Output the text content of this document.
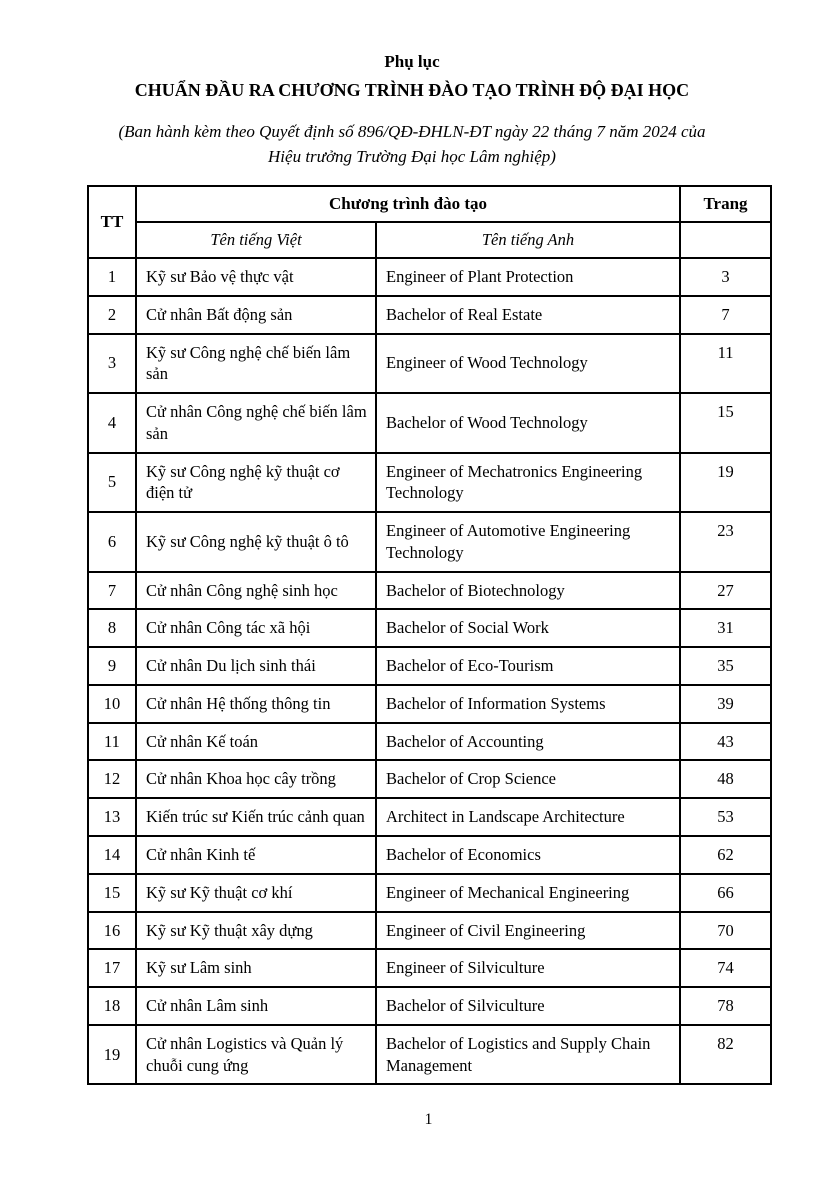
Phụ lục
CHUẨN ĐẦU RA CHƯƠNG TRÌNH ĐÀO TẠO TRÌNH ĐỘ ĐẠI HỌC
(Ban hành kèm theo Quyết định số 896/QĐ-ĐHLN-ĐT ngày 22 tháng 7 năm 2024 của
Hiệu trưởng Trường Đại học Lâm nghiệp)
TT	Chương trình đào tạo		Trang
	Tên tiếng Việt	Tên tiếng Anh	
1	Kỹ sư Bảo vệ thực vật	Engineer of Plant Protection	3
2	Cử nhân Bất động sản	Bachelor of Real Estate	7
3	Kỹ sư Công nghệ chế biến lâm sản	Engineer of Wood Technology	11
4	Cử nhân Công nghệ chế biến lâm sản	Bachelor of Wood Technology	15
5	Kỹ sư Công nghệ kỹ thuật cơ điện tử	Engineer of Mechatronics Engineering Technology	19
6	Kỹ sư Công nghệ kỹ thuật ô tô	Engineer of Automotive Engineering Technology	23
7	Cử nhân Công nghệ sinh học	Bachelor of Biotechnology	27
8	Cử nhân Công tác xã hội	Bachelor of Social Work	31
9	Cử nhân Du lịch sinh thái	Bachelor of Eco-Tourism	35
10	Cử nhân Hệ thống thông tin	Bachelor of Information Systems	39
11	Cử nhân Kế toán	Bachelor of Accounting	43
12	Cử nhân Khoa học cây trồng	Bachelor of Crop Science	48
13	Kiến trúc sư Kiến trúc cảnh quan	Architect in Landscape Architecture	53
14	Cử nhân Kinh tế	Bachelor of Economics	62
15	Kỹ sư Kỹ thuật cơ khí	Engineer of Mechanical Engineering	66
16	Kỹ sư Kỹ thuật xây dựng	Engineer of Civil Engineering	70
17	Kỹ sư Lâm sinh	Engineer of Silviculture	74
18	Cử nhân Lâm sinh	Bachelor of Silviculture	78
19	Cử nhân Logistics và Quản lý chuỗi cung ứng	Bachelor of Logistics and Supply Chain Management	82
1
